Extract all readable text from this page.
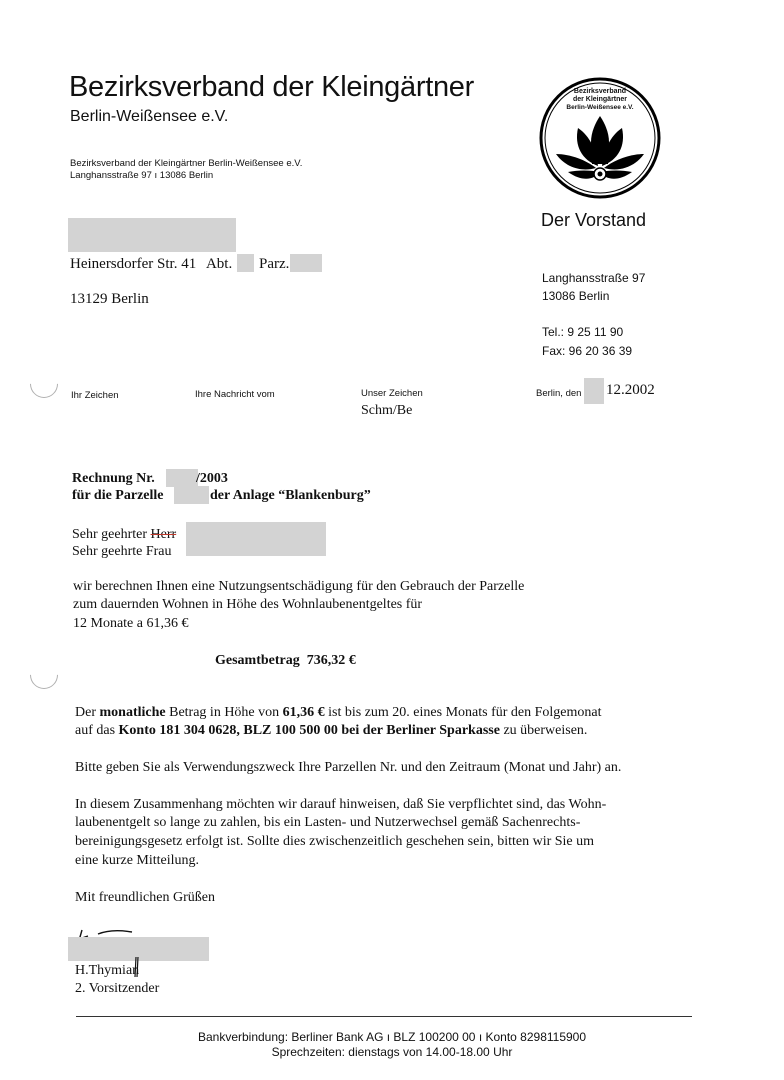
Bezirksverband der Kleingärtner
Berlin-Weißensee e.V.
Bezirksverband der Kleingärtner Berlin-Weißensee e.V.
Langhansstraße 97 ı 13086 Berlin
Bezirksverband
der Kleingärtner
Berlin-Weißensee e.V.
Heinersdorfer Str. 41 Abt. Parz.
13129 Berlin
Der Vorstand
Langhansstraße 97
13086 Berlin
Tel.: 9 25 11 90
Fax: 96 20 36 39
Ihr Zeichen	Ihre Nachricht vom	Unser Zeichen
Schm/Be
Berlin, den 12.2002
Rechnung Nr.	/2003
für die Parzelle	der Anlage “Blankenburg”
Sehr geehrter Herr
Sehr geehrte Frau
wir berechnen Ihnen eine Nutzungsentschädigung für den Gebrauch der Parzelle
zum dauernden Wohnen in Höhe des Wohnlaubenentgeltes für
12 Monate a 61,36 €
Gesamtbetrag  736,32 €
Der monatliche Betrag in Höhe von 61,36 € ist bis zum 20. eines Monats für den Folgemonat
auf das Konto 181 304 0628, BLZ 100 500 00 bei der Berliner Sparkasse zu überweisen.
Bitte geben Sie als Verwendungszweck Ihre Parzellen Nr. und den Zeitraum (Monat und Jahr) an.
In diesem Zusammenhang möchten wir darauf hinweisen, daß Sie verpflichtet sind, das Wohn-
laubenentgelt so lange zu zahlen, bis ein Lasten- und Nutzerwechsel gemäß Sachenrechts-
bereinigungsgesetz erfolgt ist. Sollte dies zwischenzeitlich geschehen sein, bitten wir Sie um
eine kurze Mitteilung.
Mit freundlichen Grüßen
H.Thymian
2. Vorsitzender
Bankverbindung: Berliner Bank AG ı BLZ 100200 00 ı Konto 8298115900
Sprechzeiten: dienstags von 14.00-18.00 Uhr
